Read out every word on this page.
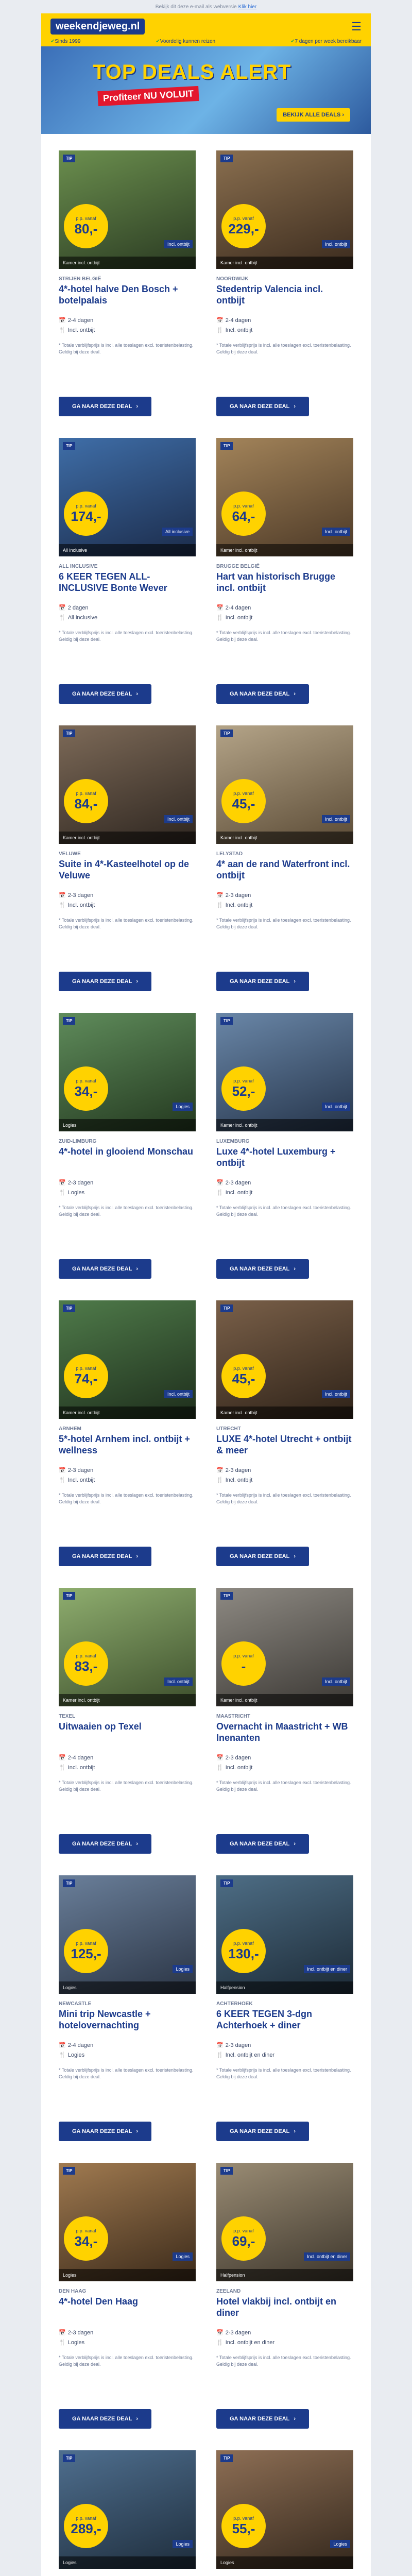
Bekijk dit deze e-mail als webversie Klik hier
weekendjeweg.nl	☰
✔ Sinds 1999	✔ Voordelig kunnen reizen	✔ 7 dagen per week bereikbaar
TOP DEALS ALERT
Profiteer NU VOLUIT
BEKIJK ALLE DEALS ›
TIP
p.p. vanaf
80,-
Incl. ontbijt
Kamer incl. ontbijt
STRIJEN BELGIË
4*-hotel halve Den Bosch + botelpalais
📅 2-4 dagen
🍴 Incl. ontbijt
* Totale verblijfsprijs is incl. alle toeslagen excl. toeristenbelasting. Geldig bij deze deal.
GA NAAR DEZE DEAL ›
TIP
p.p. vanaf
229,-
Incl. ontbijt
Kamer incl. ontbijt
NOORDWIJK
Stedentrip Valencia incl. ontbijt
📅 2-4 dagen
🍴 Incl. ontbijt
* Totale verblijfsprijs is incl. alle toeslagen excl. toeristenbelasting. Geldig bij deze deal.
GA NAAR DEZE DEAL ›
TIP
p.p. vanaf
174,-
All inclusive
All inclusive
ALL INCLUSIVE
6 KEER TEGEN ALL-INCLUSIVE Bonte Wever
📅 2 dagen
🍴 All inclusive
* Totale verblijfsprijs is incl. alle toeslagen excl. toeristenbelasting. Geldig bij deze deal.
GA NAAR DEZE DEAL ›
TIP
p.p. vanaf
64,-
Incl. ontbijt
Kamer incl. ontbijt
BRUGGE BELGIË
Hart van historisch Brugge incl. ontbijt
📅 2-4 dagen
🍴 Incl. ontbijt
* Totale verblijfsprijs is incl. alle toeslagen excl. toeristenbelasting. Geldig bij deze deal.
GA NAAR DEZE DEAL ›
TIP
p.p. vanaf
84,-
Incl. ontbijt
Kamer incl. ontbijt
VELUWE
Suite in 4*-Kasteelhotel op de Veluwe
📅 2-3 dagen
🍴 Incl. ontbijt
* Totale verblijfsprijs is incl. alle toeslagen excl. toeristenbelasting. Geldig bij deze deal.
GA NAAR DEZE DEAL ›
TIP
p.p. vanaf
45,-
Incl. ontbijt
Kamer incl. ontbijt
LELYSTAD
4* aan de rand Waterfront incl. ontbijt
📅 2-3 dagen
🍴 Incl. ontbijt
* Totale verblijfsprijs is incl. alle toeslagen excl. toeristenbelasting. Geldig bij deze deal.
GA NAAR DEZE DEAL ›
TIP
p.p. vanaf
34,-
Logies
Logies
ZUID-LIMBURG
4*-hotel in glooiend Monschau
📅 2-3 dagen
🍴 Logies
* Totale verblijfsprijs is incl. alle toeslagen excl. toeristenbelasting. Geldig bij deze deal.
GA NAAR DEZE DEAL ›
TIP
p.p. vanaf
52,-
Incl. ontbijt
Kamer incl. ontbijt
LUXEMBURG
Luxe 4*-hotel Luxemburg + ontbijt
📅 2-3 dagen
🍴 Incl. ontbijt
* Totale verblijfsprijs is incl. alle toeslagen excl. toeristenbelasting. Geldig bij deze deal.
GA NAAR DEZE DEAL ›
TIP
p.p. vanaf
74,-
Incl. ontbijt
Kamer incl. ontbijt
ARNHEM
5*-hotel Arnhem incl. ontbijt + wellness
📅 2-3 dagen
🍴 Incl. ontbijt
* Totale verblijfsprijs is incl. alle toeslagen excl. toeristenbelasting. Geldig bij deze deal.
GA NAAR DEZE DEAL ›
TIP
p.p. vanaf
45,-
Incl. ontbijt
Kamer incl. ontbijt
UTRECHT
LUXE 4*-hotel Utrecht + ontbijt & meer
📅 2-3 dagen
🍴 Incl. ontbijt
* Totale verblijfsprijs is incl. alle toeslagen excl. toeristenbelasting. Geldig bij deze deal.
GA NAAR DEZE DEAL ›
TIP
p.p. vanaf
83,-
Incl. ontbijt
Kamer incl. ontbijt
TEXEL
Uitwaaien op Texel
📅 2-4 dagen
🍴 Incl. ontbijt
* Totale verblijfsprijs is incl. alle toeslagen excl. toeristenbelasting. Geldig bij deze deal.
GA NAAR DEZE DEAL ›
TIP
p.p. vanaf
-
Incl. ontbijt
Kamer incl. ontbijt
MAASTRICHT
Overnacht in Maastricht + WB Inenanten
📅 2-3 dagen
🍴 Incl. ontbijt
* Totale verblijfsprijs is incl. alle toeslagen excl. toeristenbelasting. Geldig bij deze deal.
GA NAAR DEZE DEAL ›
TIP
p.p. vanaf
125,-
Logies
Logies
NEWCASTLE
Mini trip Newcastle + hotelovernachting
📅 2-4 dagen
🍴 Logies
* Totale verblijfsprijs is incl. alle toeslagen excl. toeristenbelasting. Geldig bij deze deal.
GA NAAR DEZE DEAL ›
TIP
p.p. vanaf
130,-
Incl. ontbijt en diner
Halfpension
ACHTERHOEK
6 KEER TEGEN 3-dgn Achterhoek + diner
📅 2-3 dagen
🍴 Incl. ontbijt en diner
* Totale verblijfsprijs is incl. alle toeslagen excl. toeristenbelasting. Geldig bij deze deal.
GA NAAR DEZE DEAL ›
TIP
p.p. vanaf
34,-
Logies
Logies
DEN HAAG
4*-hotel Den Haag
📅 2-3 dagen
🍴 Logies
* Totale verblijfsprijs is incl. alle toeslagen excl. toeristenbelasting. Geldig bij deze deal.
GA NAAR DEZE DEAL ›
TIP
p.p. vanaf
69,-
Incl. ontbijt en diner
Halfpension
ZEELAND
Hotel vlakbij incl. ontbijt en diner
📅 2-3 dagen
🍴 Incl. ontbijt en diner
* Totale verblijfsprijs is incl. alle toeslagen excl. toeristenbelasting. Geldig bij deze deal.
GA NAAR DEZE DEAL ›
TIP
p.p. vanaf
289,-
Logies
Logies
TIP
p.p. vanaf
55,-
Logies
Logies
